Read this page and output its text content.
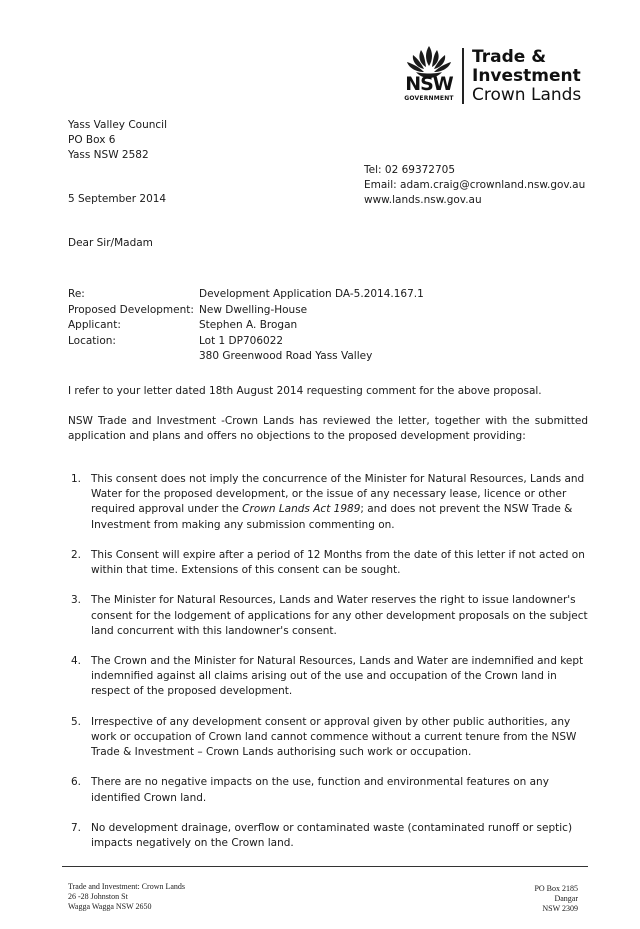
NSW
GOVERNMENT
Trade &
Investment
Crown Lands
Yass Valley Council
PO Box 6
Yass NSW 2582
Tel: 02 69372705
Email: adam.craig@crownland.nsw.gov.au
www.lands.nsw.gov.au
5 September 2014
Dear Sir/Madam
Re:	Development Application DA-5.2014.167.1
Proposed Development: New Dwelling-House
Applicant:	Stephen A. Brogan
Location:	Lot 1 DP706022
380 Greenwood Road Yass Valley

I refer to your letter dated 18th August 2014 requesting comment for the above proposal.

NSW Trade and Investment -Crown Lands has reviewed the letter, together with the submitted application and plans and offers no objections to the proposed development providing:

1. This consent does not imply the concurrence of the Minister for Natural Resources, Lands and Water for the proposed development, or the issue of any necessary lease, licence or other required approval under the Crown Lands Act 1989; and does not prevent the NSW Trade & Investment from making any submission commenting on.
2. This Consent will expire after a period of 12 Months from the date of this letter if not acted on within that time. Extensions of this consent can be sought.
3. The Minister for Natural Resources, Lands and Water reserves the right to issue landowner's consent for the lodgement of applications for any other development proposals on the subject land concurrent with this landowner's consent.
4. The Crown and the Minister for Natural Resources, Lands and Water are indemnified and kept indemnified against all claims arising out of the use and occupation of the Crown land in respect of the proposed development.
5. Irrespective of any development consent or approval given by other public authorities, any work or occupation of Crown land cannot commence without a current tenure from the NSW Trade & Investment – Crown Lands authorising such work or occupation.
6. There are no negative impacts on the use, function and environmental features on any identified Crown land.
7. No development drainage, overflow or contaminated waste (contaminated runoff or septic) impacts negatively on the Crown land.
Trade and Investment: Crown Lands
26 -28 Johnston St
Wagga Wagga NSW 2650
PO Box 2185
Dangar
NSW 2309
